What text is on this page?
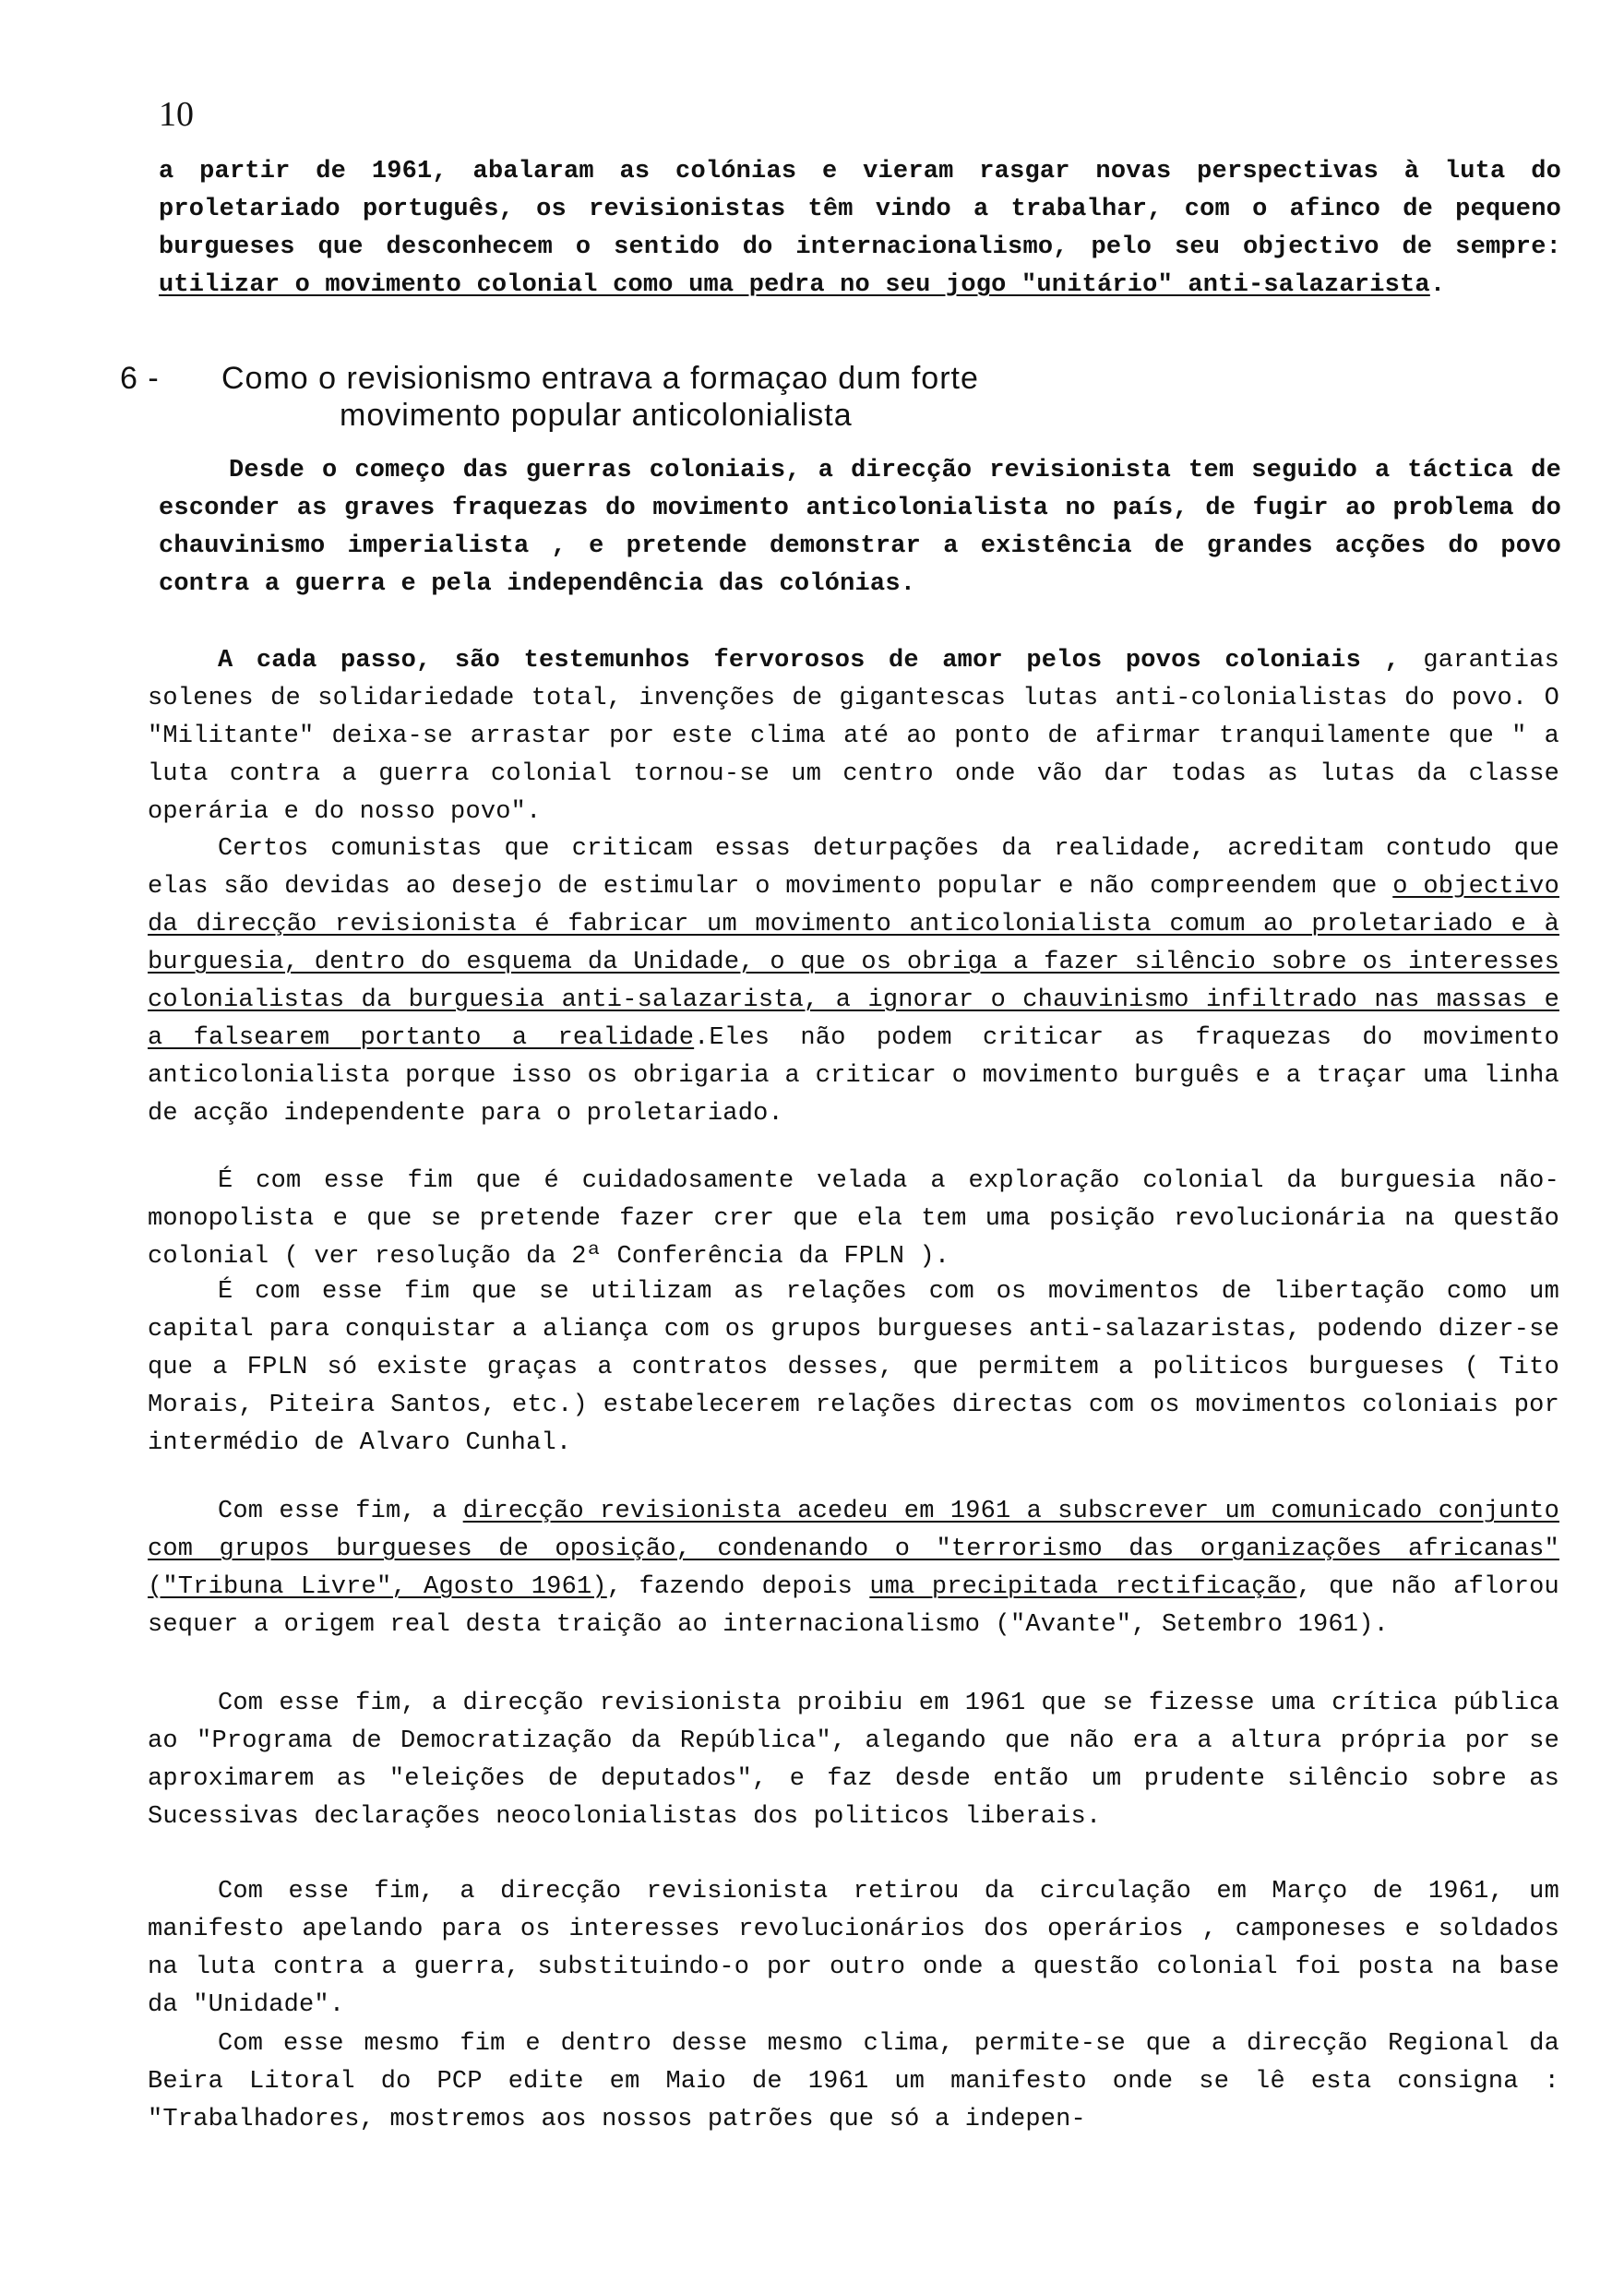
10

a partir de 1961, abalaram as colónias e vieram rasgar novas perspectivas à luta do proletariado português, os revisionistas têm vindo a trabalhar, com o afinco de pequeno burgueses que desconhecem o sentido do internacionalismo, pelo seu objectivo de sempre: utilizar o movimento colonial como uma pedra no seu jogo "unitário" anti-salazarista.

6 - Como o revisionismo entrava a formaçao dum forte
movimento popular anticolonialista

Desde o começo das guerras coloniais, a direcção revisionista tem seguido a táctica de esconder as graves fraquezas do movimento anticolonialista no país, de fugir ao problema do chauvinismo imperialista , e pretende demonstrar a existência de grandes acções do povo contra a guerra e pela independência das colónias.

A cada passo, são testemunhos fervorosos de amor pelos povos coloniais , garantias solenes de solidariedade total, invenções de gigantescas lutas anti-colonialistas do povo. O "Militante" deixa-se arrastar por este clima até ao ponto de afirmar tranquilamente que " a luta contra a guerra colonial tornou-se um centro onde vão dar todas as lutas da classe operária e do nosso povo".

Certos comunistas que criticam essas deturpações da realidade, acreditam contudo que elas são devidas ao desejo de estimular o movimento popular e não compreendem que o objectivo da direcção revisionista é fabricar um movimento anticolonialista comum ao proletariado e à burguesia, dentro do esquema da Unidade, o que os obriga a fazer silêncio sobre os interesses colonialistas da burguesia anti-salazarista, a ignorar o chauvinismo infiltrado nas massas e a falsearem portanto a realidade.Eles não podem criticar as fraquezas do movimento anticolonialista porque isso os obrigaria a criticar o movimento burguês e a traçar uma linha de acção independente para o proletariado.

É com esse fim que é cuidadosamente velada a exploração colonial da burguesia não-monopolista e que se pretende fazer crer que ela tem uma posição revolucionária na questão colonial ( ver resolução da 2ª Conferência da FPLN ).

É com esse fim que se utilizam as relações com os movimentos de libertação como um capital para conquistar a aliança com os grupos burgueses anti-salazaristas, podendo dizer-se que a FPLN só existe graças a contratos desses, que permitem a politicos burgueses ( Tito Morais, Piteira Santos, etc.) estabelecerem relações directas com os movimentos coloniais por intermédio de Alvaro Cunhal.

Com esse fim, a direcção revisionista acedeu em 1961 a subscrever um comunicado conjunto com grupos burgueses de oposição, condenando o "terrorismo das organizações africanas" ("Tribuna Livre", Agosto 1961), fazendo depois uma precipitada rectificação, que não aflorou sequer a origem real desta traição ao internacionalismo ("Avante", Setembro 1961).

Com esse fim, a direcção revisionista proibiu em 1961 que se fizesse uma crítica pública ao "Programa de Democratização da República", alegando que não era a altura própria por se aproximarem as "eleições de deputados", e faz desde então um prudente silêncio sobre as Sucessivas declarações neocolonialistas dos politicos liberais.

Com esse fim, a direcção revisionista retirou da circulação em Março de 1961, um manifesto apelando para os interesses revolucionários dos operários , camponeses e soldados na luta contra a guerra, substituindo-o por outro onde a questão colonial foi posta na base da "Unidade".

Com esse mesmo fim e dentro desse mesmo clima, permite-se que a direcção Regional da Beira Litoral do PCP edite em Maio de 1961 um manifesto onde se lê esta consigna : "Trabalhadores, mostremos aos nossos patrões que só a indepen-
